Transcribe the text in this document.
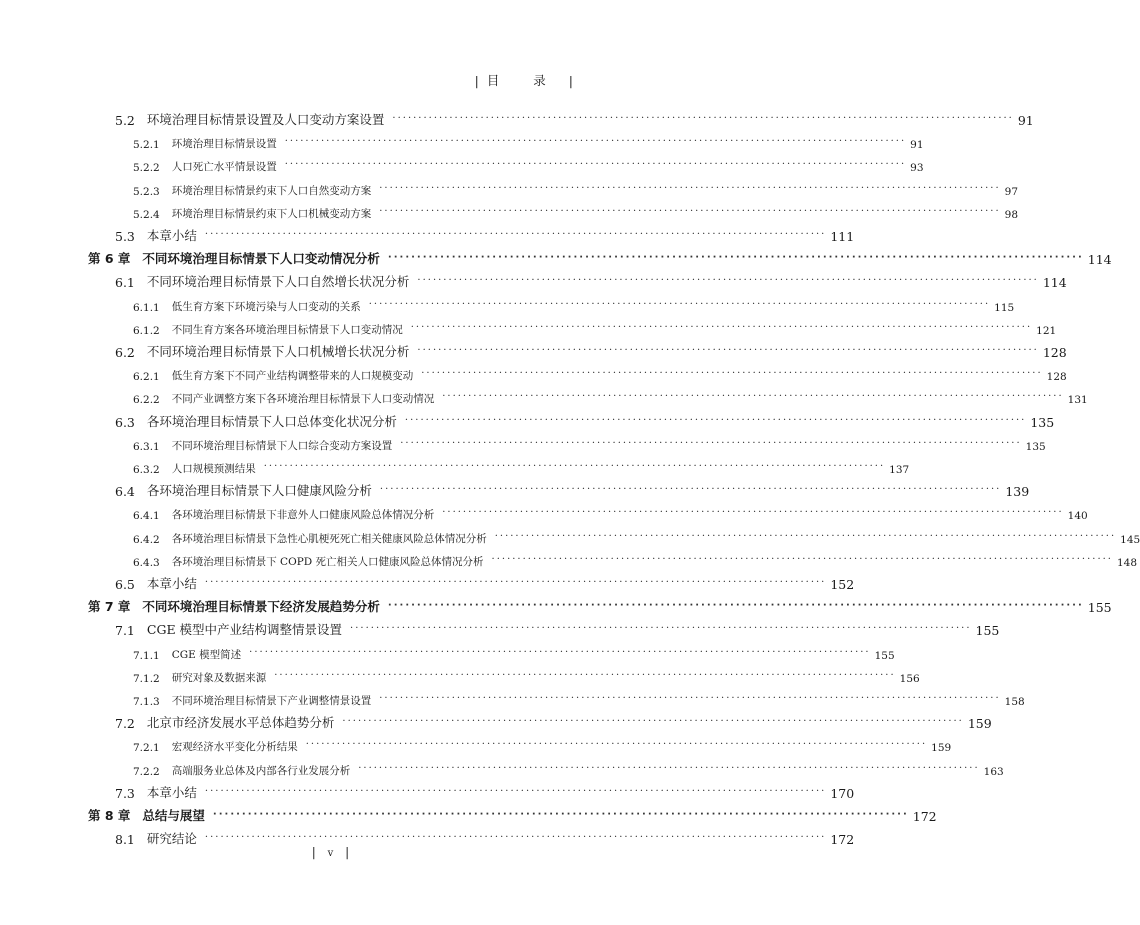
| 目 录 |
5.2 环境治理目标情景设置及人口变动方案设置 ························································································································ 91
5.2.1 环境治理目标情景设置 ························································································································ 91
5.2.2 人口死亡水平情景设置 ························································································································ 93
5.2.3 环境治理目标情景约束下人口自然变动方案 ························································································································ 97
5.2.4 环境治理目标情景约束下人口机械变动方案 ························································································································ 98
5.3 本章小结 ························································································································ 111
第 6 章 不同环境治理目标情景下人口变动情况分析 ························································································································ 114
6.1 不同环境治理目标情景下人口自然增长状况分析 ························································································································ 114
6.1.1 低生育方案下环境污染与人口变动的关系 ························································································································ 115
6.1.2 不同生育方案各环境治理目标情景下人口变动情况 ························································································································ 121
6.2 不同环境治理目标情景下人口机械增长状况分析 ························································································································ 128
6.2.1 低生育方案下不同产业结构调整带来的人口规模变动 ························································································································ 128
6.2.2 不同产业调整方案下各环境治理目标情景下人口变动情况 ························································································································ 131
6.3 各环境治理目标情景下人口总体变化状况分析 ························································································································ 135
6.3.1 不同环境治理目标情景下人口综合变动方案设置 ························································································································ 135
6.3.2 人口规模预测结果 ························································································································ 137
6.4 各环境治理目标情景下人口健康风险分析 ························································································································ 139
6.4.1 各环境治理目标情景下非意外人口健康风险总体情况分析 ························································································································ 140
6.4.2 各环境治理目标情景下急性心肌梗死死亡相关健康风险总体情况分析 ························································································································ 145
6.4.3 各环境治理目标情景下 COPD 死亡相关人口健康风险总体情况分析 ························································································································ 148
6.5 本章小结 ························································································································ 152
第 7 章 不同环境治理目标情景下经济发展趋势分析 ························································································································ 155
7.1 CGE 模型中产业结构调整情景设置 ························································································································ 155
7.1.1 CGE 模型简述 ························································································································ 155
7.1.2 研究对象及数据来源 ························································································································ 156
7.1.3 不同环境治理目标情景下产业调整情景设置 ························································································································ 158
7.2 北京市经济发展水平总体趋势分析 ························································································································ 159
7.2.1 宏观经济水平变化分析结果 ························································································································ 159
7.2.2 高端服务业总体及内部各行业发展分析 ························································································································ 163
7.3 本章小结 ························································································································ 170
第 8 章 总结与展望 ························································································································ 172
8.1 研究结论 ························································································································ 172
| v |
